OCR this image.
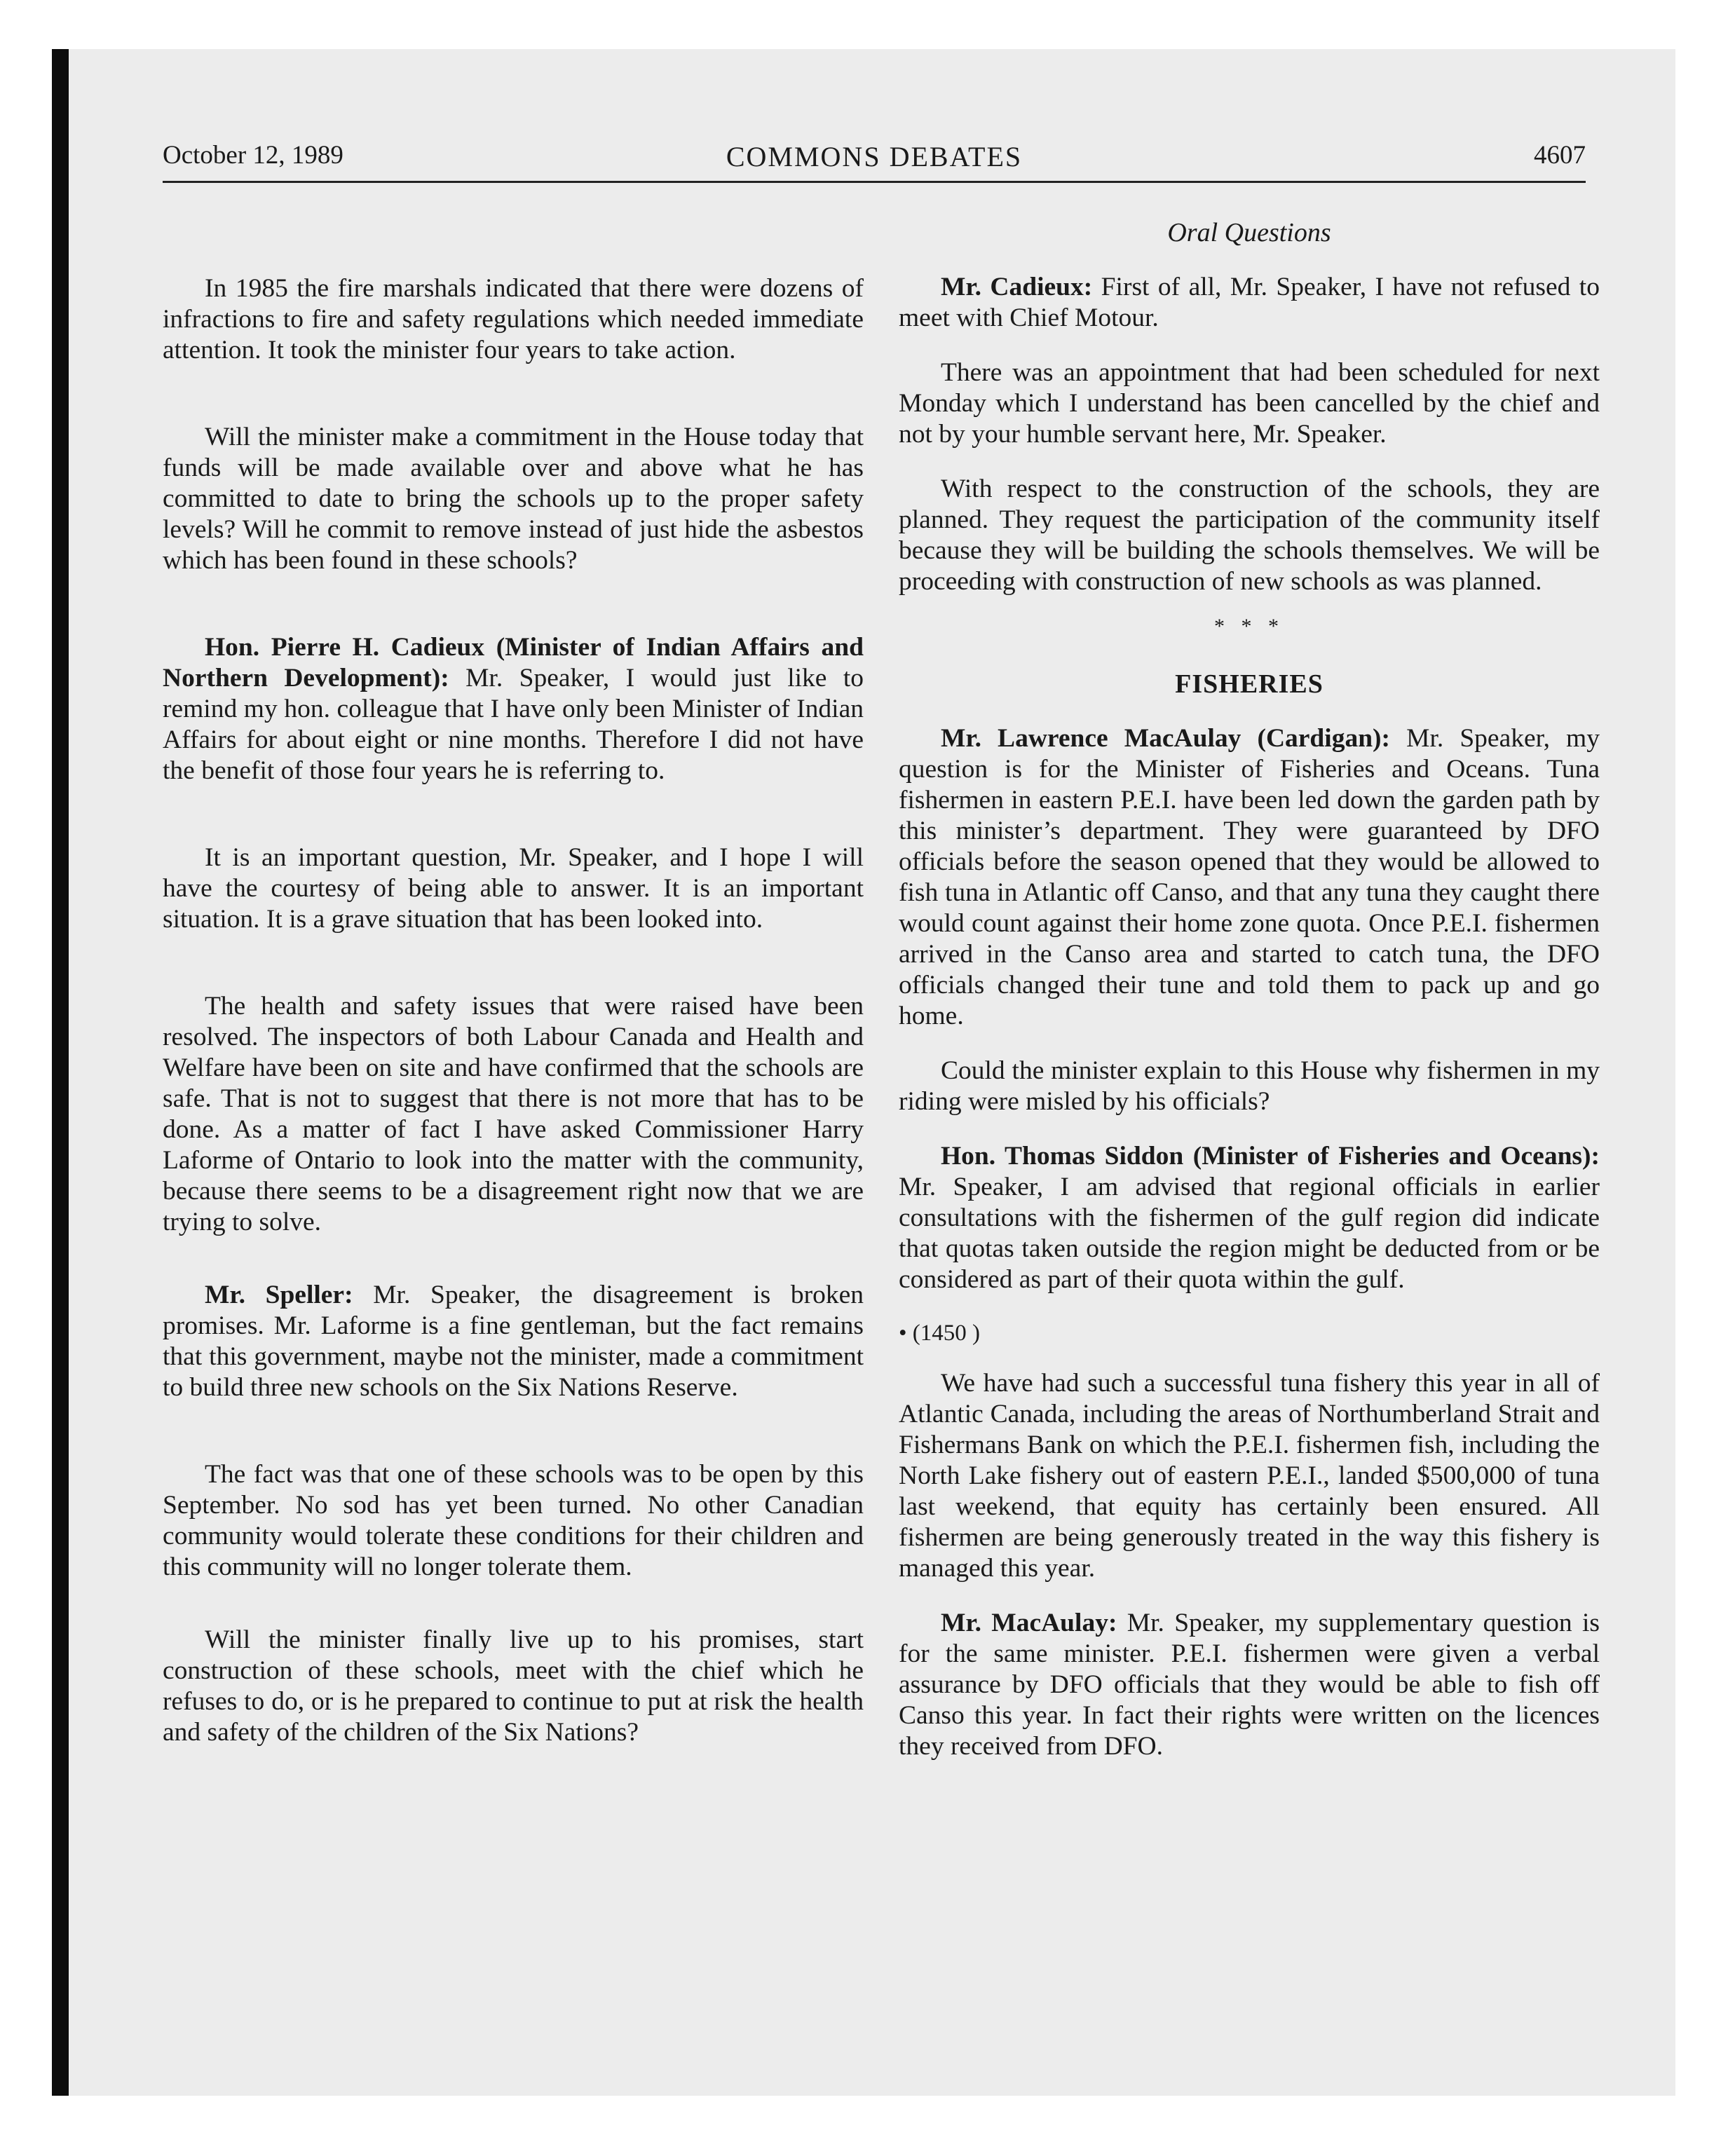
October 12, 1989	COMMONS DEBATES	4607

In 1985 the fire marshals indicated that there were dozens of infractions to fire and safety regulations which needed immediate attention. It took the minister four years to take action.

Will the minister make a commitment in the House today that funds will be made available over and above what he has committed to date to bring the schools up to the proper safety levels? Will he commit to remove instead of just hide the asbestos which has been found in these schools?

Hon. Pierre H. Cadieux (Minister of Indian Affairs and Northern Development): Mr. Speaker, I would just like to remind my hon. colleague that I have only been Minister of Indian Affairs for about eight or nine months. Therefore I did not have the benefit of those four years he is referring to.

It is an important question, Mr. Speaker, and I hope I will have the courtesy of being able to answer. It is an important situation. It is a grave situation that has been looked into.

The health and safety issues that were raised have been resolved. The inspectors of both Labour Canada and Health and Welfare have been on site and have confirmed that the schools are safe. That is not to suggest that there is not more that has to be done. As a matter of fact I have asked Commissioner Harry Laforme of Ontario to look into the matter with the community, because there seems to be a disagreement right now that we are trying to solve.

Mr. Speller: Mr. Speaker, the disagreement is broken promises. Mr. Laforme is a fine gentleman, but the fact remains that this government, maybe not the minister, made a commitment to build three new schools on the Six Nations Reserve.

The fact was that one of these schools was to be open by this September. No sod has yet been turned. No other Canadian community would tolerate these conditions for their children and this community will no longer tolerate them.

Will the minister finally live up to his promises, start construction of these schools, meet with the chief which he refuses to do, or is he prepared to continue to put at risk the health and safety of the children of the Six Nations?

Oral Questions

Mr. Cadieux: First of all, Mr. Speaker, I have not refused to meet with Chief Motour.

There was an appointment that had been scheduled for next Monday which I understand has been cancelled by the chief and not by your humble servant here, Mr. Speaker.

With respect to the construction of the schools, they are planned. They request the participation of the community itself because they will be building the schools themselves. We will be proceeding with construction of new schools as was planned.

* * *
FISHERIES

Mr. Lawrence MacAulay (Cardigan): Mr. Speaker, my question is for the Minister of Fisheries and Oceans. Tuna fishermen in eastern P.E.I. have been led down the garden path by this minister’s department. They were guaranteed by DFO officials before the season opened that they would be allowed to fish tuna in Atlantic off Canso, and that any tuna they caught there would count against their home zone quota. Once P.E.I. fishermen arrived in the Canso area and started to catch tuna, the DFO officials changed their tune and told them to pack up and go home.

Could the minister explain to this House why fishermen in my riding were misled by his officials?

Hon. Thomas Siddon (Minister of Fisheries and Oceans): Mr. Speaker, I am advised that regional officials in earlier consultations with the fishermen of the gulf region did indicate that quotas taken outside the region might be deducted from or be considered as part of their quota within the gulf.

• (1450 )

We have had such a successful tuna fishery this year in all of Atlantic Canada, including the areas of Northumberland Strait and Fishermans Bank on which the P.E.I. fishermen fish, including the North Lake fishery out of eastern P.E.I., landed $500,000 of tuna last weekend, that equity has certainly been ensured. All fishermen are being generously treated in the way this fishery is managed this year.

Mr. MacAulay: Mr. Speaker, my supplementary question is for the same minister. P.E.I. fishermen were given a verbal assurance by DFO officials that they would be able to fish off Canso this year. In fact their rights were written on the licences they received from DFO.
